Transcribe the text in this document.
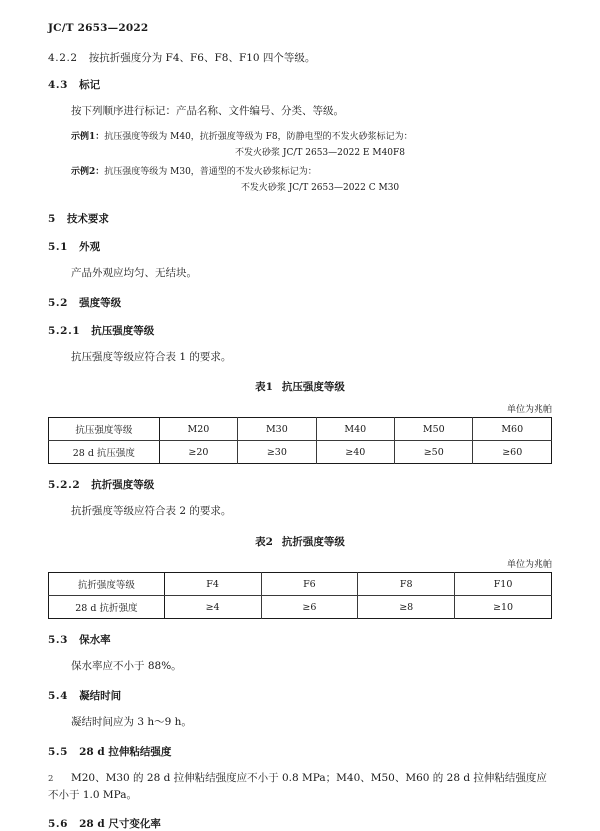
JC/T 2653—2022
4.2.2 按抗折强度分为 F4、F6、F8、F10 四个等级。
4.3 标记
按下列顺序进行标记：产品名称、文件编号、分类、等级。
示例1：抗压强度等级为 M40，抗折强度等级为 F8，防静电型的不发火砂浆标记为：
不发火砂浆 JC/T 2653—2022 E M40F8
示例2：抗压强度等级为 M30，普通型的不发火砂浆标记为：
不发火砂浆 JC/T 2653—2022 C M30
5 技术要求
5.1 外观
产品外观应均匀、无结块。
5.2 强度等级
5.2.1 抗压强度等级
抗压强度等级应符合表 1 的要求。
表1 抗压强度等级
单位为兆帕
抗压强度等级	M20	M30	M40	M50	M60
28 d 抗压强度	≥20	≥30	≥40	≥50	≥60
5.2.2 抗折强度等级
抗折强度等级应符合表 2 的要求。
表2 抗折强度等级
单位为兆帕
抗折强度等级	F4	F6	F8	F10
28 d 抗折强度	≥4	≥6	≥8	≥10
5.3 保水率
保水率应不小于 88%。
5.4 凝结时间
凝结时间应为 3 h～9 h。
5.5 28 d 拉伸粘结强度
M20、M30 的 28 d 拉伸粘结强度应不小于 0.8 MPa；M40、M50、M60 的 28 d 拉伸粘结强度应不小于 1.0 MPa。
5.6 28 d 尺寸变化率
2
